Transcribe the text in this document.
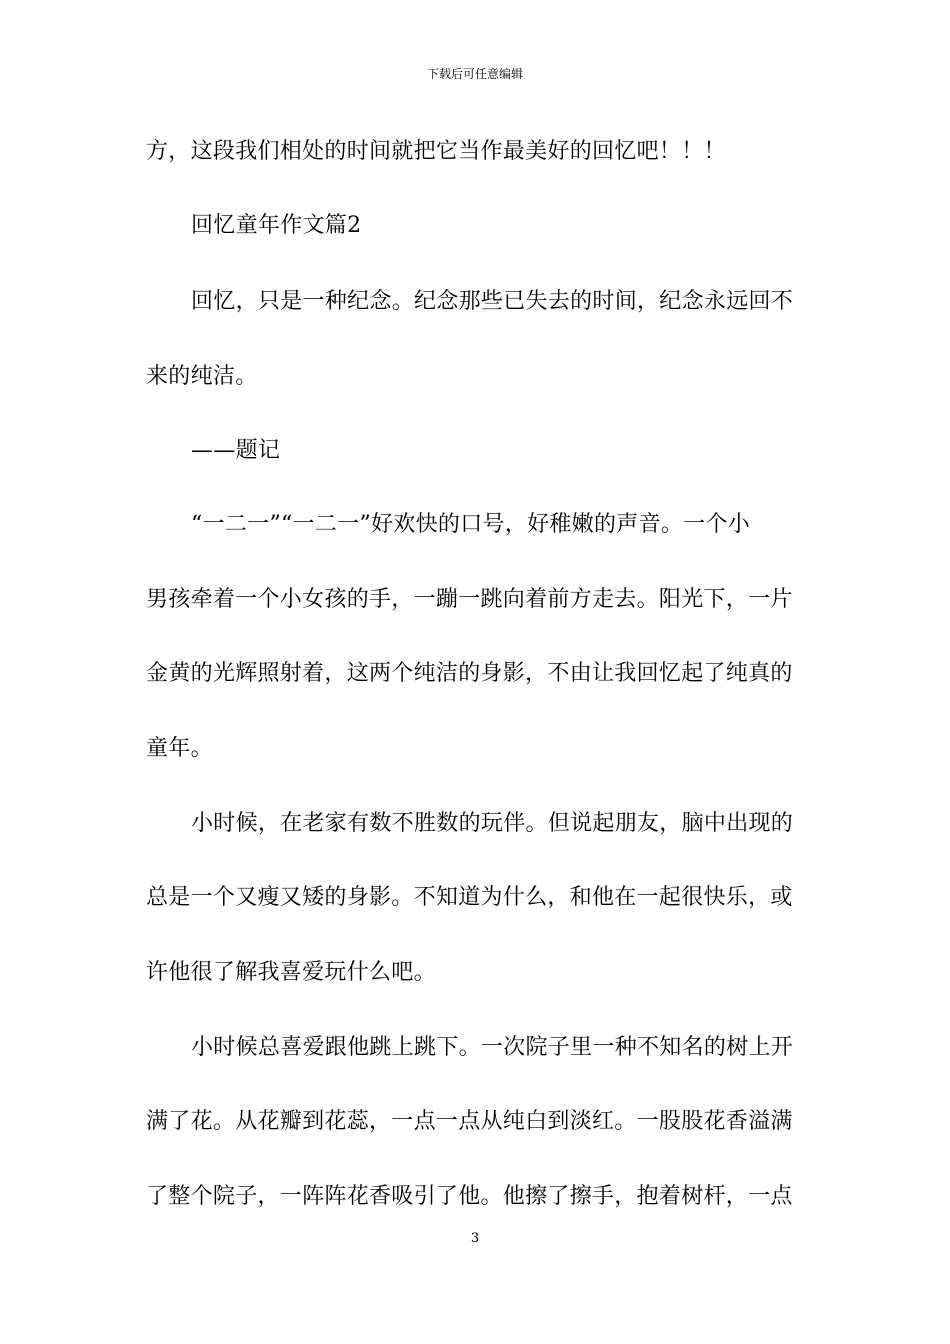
下载后可任意编辑
方，这段我们相处的时间就把它当作最美好的回忆吧！！！
回忆童年作文篇2
回忆，只是一种纪念。纪念那些已失去的时间，纪念永远回不
来的纯洁。
——题记
“一二一”“一二一”好欢快的口号，好稚嫩的声音。一个小
男孩牵着一个小女孩的手，一蹦一跳向着前方走去。阳光下，一片
金黄的光辉照射着，这两个纯洁的身影，不由让我回忆起了纯真的
童年。
小时候，在老家有数不胜数的玩伴。但说起朋友，脑中出现的
总是一个又瘦又矮的身影。不知道为什么，和他在一起很快乐，或
许他很了解我喜爱玩什么吧。
小时候总喜爱跟他跳上跳下。一次院子里一种不知名的树上开
满了花。从花瓣到花蕊，一点一点从纯白到淡红。一股股花香溢满
了整个院子，一阵阵花香吸引了他。他擦了擦手，抱着树杆，一点
3
